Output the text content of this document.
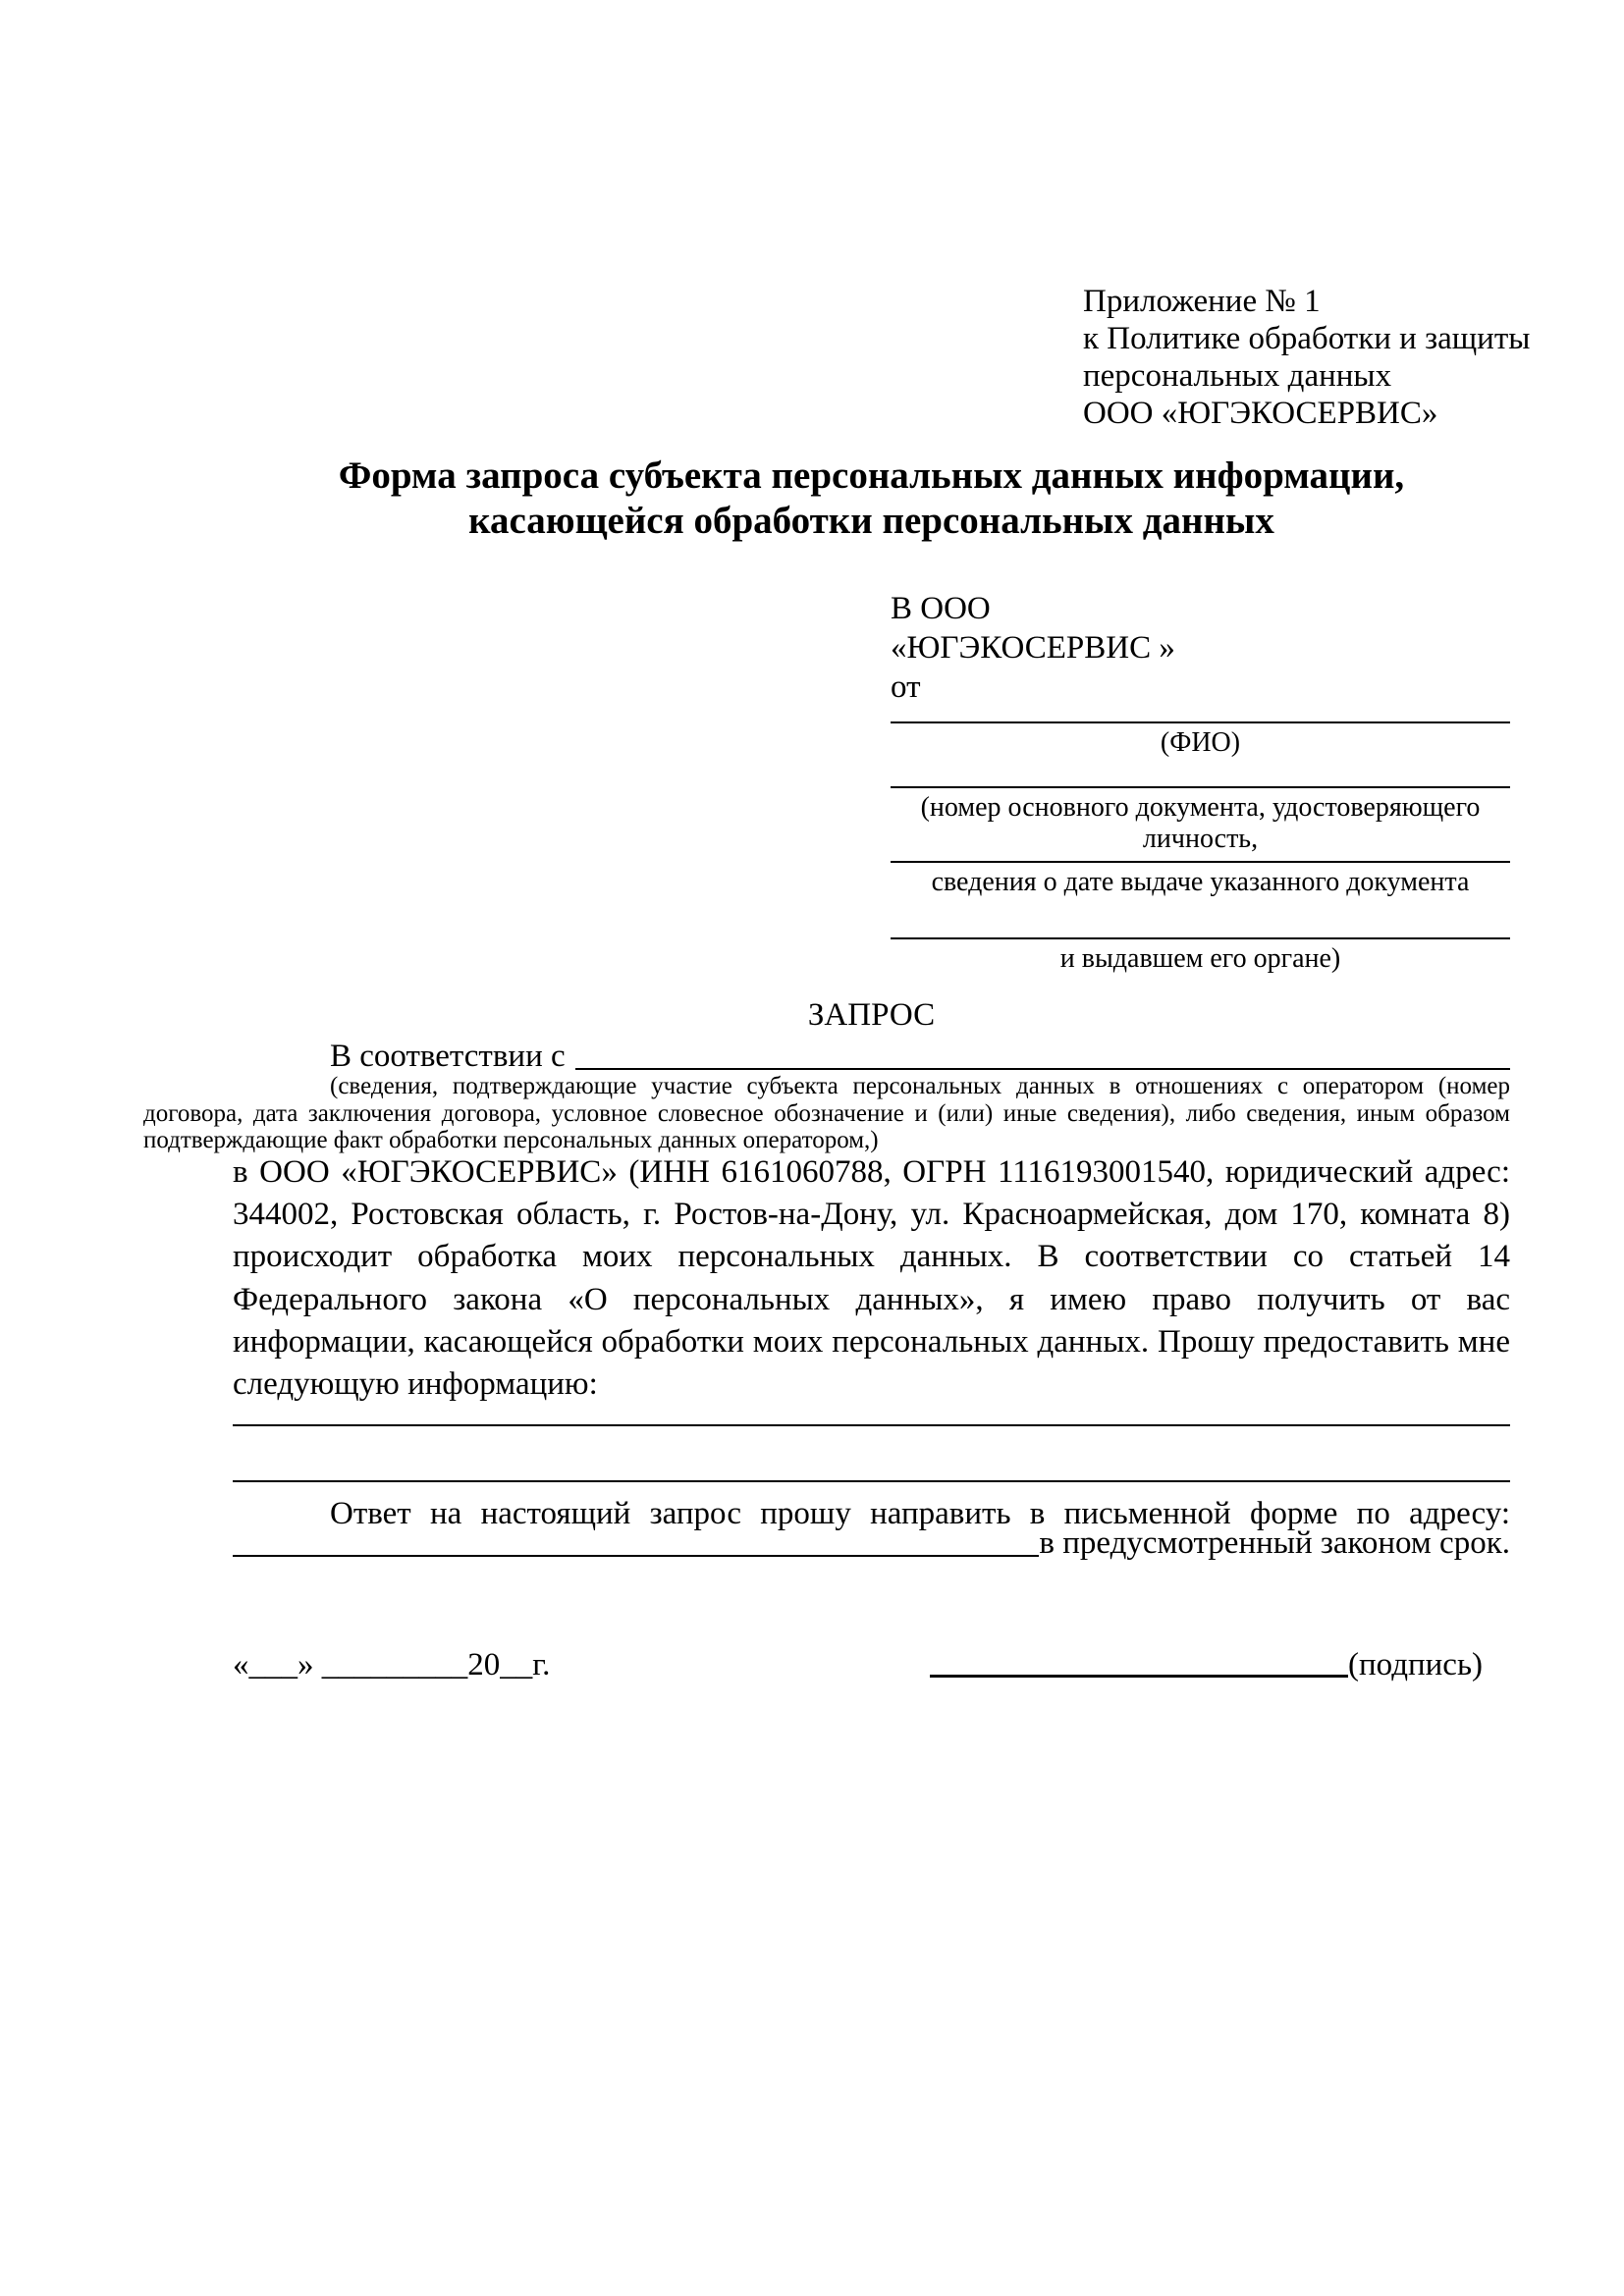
Приложение № 1
к Политике обработки и защиты
персональных данных
ООО «ЮГЭКОСЕРВИС»
Форма запроса субъекта персональных данных информации,
касающейся обработки персональных данных
В ООО
«ЮГЭКОСЕРВИС »
от
(ФИО)
(номер основного документа, удостоверяющего личность,
сведения о дате выдаче указанного документа
и выдавшем его органе)
ЗАПРОС
В соответствии с
(сведения, подтверждающие участие субъекта персональных данных в отношениях с оператором (номер договора, дата заключения договора, условное словесное обозначение и (или) иные сведения), либо сведения, иным образом подтверждающие факт обработки персональных данных оператором,)
в ООО «ЮГЭКОСЕРВИС» (ИНН 6161060788, ОГРН 1116193001540, юридический адрес: 344002, Ростовская область, г. Ростов-на-Дону, ул. Красноармейская, дом 170, комната 8) происходит обработка моих персональных данных. В соответствии со статьей 14 Федерального закона «О персональных данных», я имею право получить от вас информации, касающейся обработки моих персональных данных. Прошу предоставить мне следующую информацию:
Ответ на настоящий запрос прошу направить в письменной форме по адресу:
в предусмотренный законом срок.
«___» _________20__г.	(подпись)
